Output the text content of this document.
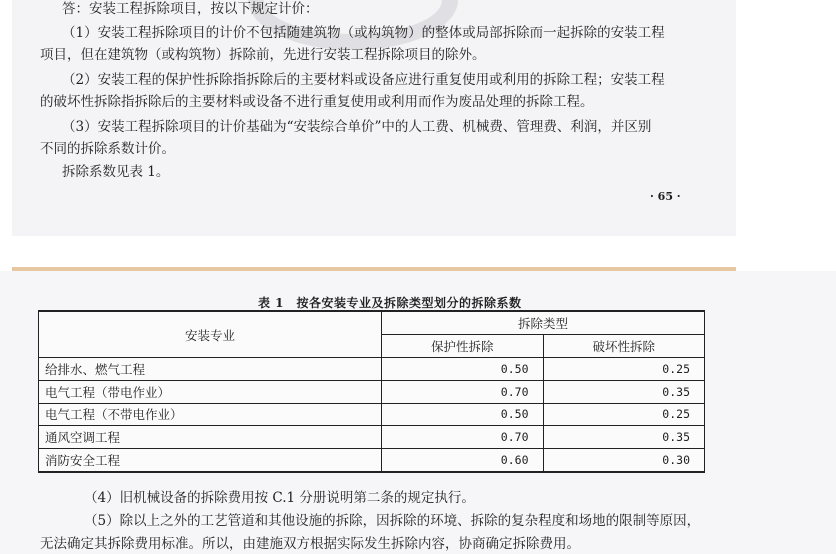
答：安装工程拆除项目，按以下规定计价：
（1）安装工程拆除项目的计价不包括随建筑物（或构筑物）的整体或局部拆除而一起拆除的安装工程
项目，但在建筑物（或构筑物）拆除前，先进行安装工程拆除项目的除外。
（2）安装工程的保护性拆除指拆除后的主要材料或设备应进行重复使用或利用的拆除工程；安装工程
的破坏性拆除指拆除后的主要材料或设备不进行重复使用或利用而作为废品处理的拆除工程。
（3）安装工程拆除项目的计价基础为“安装综合单价”中的人工费、机械费、管理费、利润，并区别
不同的拆除系数计价。
拆除系数见表 1。
· 65 ·
表 1　按各安装专业及拆除类型划分的拆除系数
安装专业	拆除类型	
	保护性拆除	破坏性拆除
给排水、燃气工程	0.50	0.25
电气工程（带电作业）	0.70	0.35
电气工程（不带电作业）	0.50	0.25
通风空调工程	0.70	0.35
消防安全工程	0.60	0.30
（4）旧机械设备的拆除费用按 C.1 分册说明第二条的规定执行。
（5）除以上之外的工艺管道和其他设施的拆除，因拆除的环境、拆除的复杂程度和场地的限制等原因，
无法确定其拆除费用标准。所以，由建施双方根据实际发生拆除内容，协商确定拆除费用。
